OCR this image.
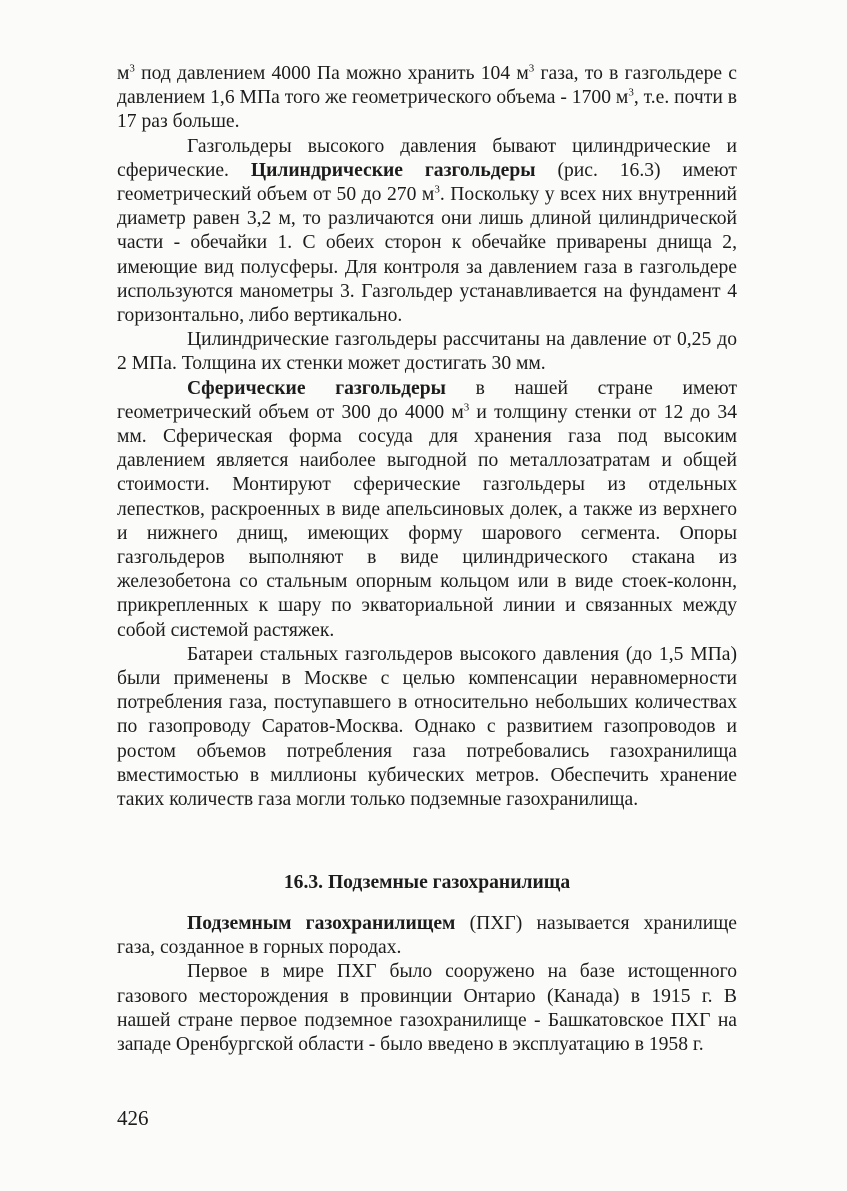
$м^3$ под давлением 4000 Па можно хранить 104 $м^3$ газа, то в газгольдере с давлением 1,6 МПа того же геометрического объема - 1700 $м^3$, т.е. почти в 17 раз больше.

Газгольдеры высокого давления бывают цилиндрические и сферические. Цилиндрические газгольдеры (рис. 16.3) имеют геометрический объем от 50 до 270 $м^3$. Поскольку у всех них внутренний диаметр равен 3,2 м, то различаются они лишь длиной цилиндрической части - обечайки 1. С обеих сторон к обечайке приварены днища 2, имеющие вид полусферы. Для контроля за давлением газа в газгольдере используются манометры 3. Газгольдер устанавливается на фундамент 4 горизонтально, либо вертикально.

Цилиндрические газгольдеры рассчитаны на давление от 0,25 до 2 МПа. Толщина их стенки может достигать 30 мм.

Сферические газгольдеры в нашей стране имеют геометрический объем от 300 до 4000 $м^3$ и толщину стенки от 12 до 34 мм. Сферическая форма сосуда для хранения газа под высоким давлением является наиболее выгодной по металлозатратам и общей стоимости. Монтируют сферические газгольдеры из отдельных лепестков, раскроенных в виде апельсиновых долек, а также из верхнего и нижнего днищ, имеющих форму шарового сегмента. Опоры газгольдеров выполняют в виде цилиндрического стакана из железобетона со стальным опорным кольцом или в виде стоек-колонн, прикрепленных к шару по экваториальной линии и связанных между собой системой растяжек.

Батареи стальных газгольдеров высокого давления (до 1,5 МПа) были применены в Москве с целью компенсации неравномерности потребления газа, поступавшего в относительно небольших количествах по газопроводу Саратов-Москва. Однако с развитием газопроводов и ростом объемов потребления газа потребовались газохранилища вместимостью в миллионы кубических метров. Обеспечить хранение таких количеств газа могли только подземные газохранилища.

16.3. Подземные газохранилища

Подземным газохранилищем (ПХГ) называется хранилище газа, созданное в горных породах.

Первое в мире ПХГ было сооружено на базе истощенного газового месторождения в провинции Онтарио (Канада) в 1915 г. В нашей стране первое подземное газохранилище - Башкатовское ПХГ на западе Оренбургской области - было введено в эксплуатацию в 1958 г.

426
